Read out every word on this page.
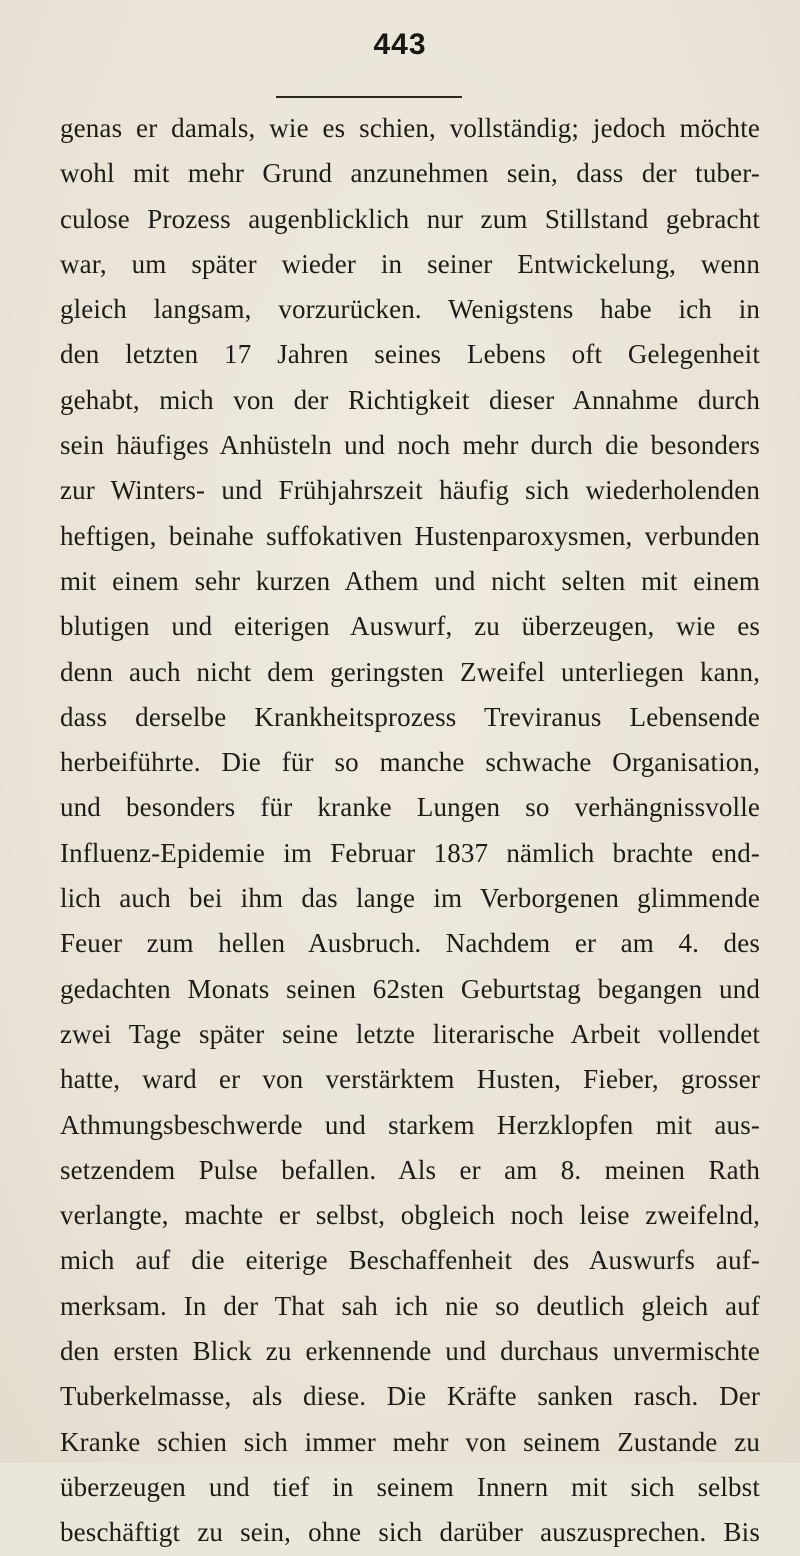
443
genas er damals, wie es schien, vollständig; jedoch möchte
wohl mit mehr Grund anzunehmen sein, dass der tuber-
culose Prozess augenblicklich nur zum Stillstand gebracht
war, um später wieder in seiner Entwickelung, wenn
gleich langsam, vorzurücken. Wenigstens habe ich in
den letzten 17 Jahren seines Lebens oft Gelegenheit
gehabt, mich von der Richtigkeit dieser Annahme durch
sein häufiges Anhüsteln und noch mehr durch die besonders
zur Winters- und Frühjahrszeit häufig sich wiederholenden
heftigen, beinahe suffokativen Hustenparoxysmen, verbunden
mit einem sehr kurzen Athem und nicht selten mit einem
blutigen und eiterigen Auswurf, zu überzeugen, wie es
denn auch nicht dem geringsten Zweifel unterliegen kann,
dass derselbe Krankheitsprozess Treviranus Lebensende
herbeiführte. Die für so manche schwache Organisation,
und besonders für kranke Lungen so verhängnissvolle
Influenz-Epidemie im Februar 1837 nämlich brachte end-
lich auch bei ihm das lange im Verborgenen glimmende
Feuer zum hellen Ausbruch. Nachdem er am 4. des
gedachten Monats seinen 62sten Geburtstag begangen und
zwei Tage später seine letzte literarische Arbeit vollendet
hatte, ward er von verstärktem Husten, Fieber, grosser
Athmungsbeschwerde und starkem Herzklopfen mit aus-
setzendem Pulse befallen. Als er am 8. meinen Rath
verlangte, machte er selbst, obgleich noch leise zweifelnd,
mich auf die eiterige Beschaffenheit des Auswurfs auf-
merksam. In der That sah ich nie so deutlich gleich auf
den ersten Blick zu erkennende und durchaus unvermischte
Tuberkelmasse, als diese. Die Kräfte sanken rasch. Der
Kranke schien sich immer mehr von seinem Zustande zu
überzeugen und tief in seinem Innern mit sich selbst
beschäftigt zu sein, ohne sich darüber auszusprechen. Bis
